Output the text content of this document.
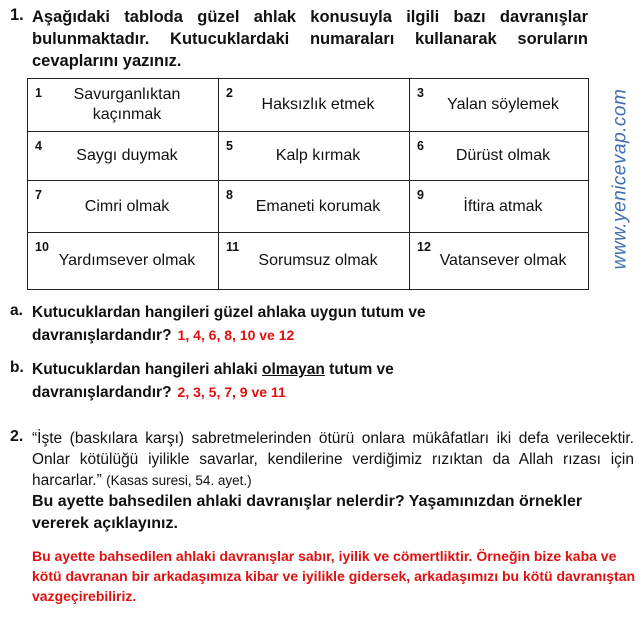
1. Aşağıdaki tabloda güzel ahlak konusuyla ilgili bazı davranışlar bulunmaktadır. Kutucuklardaki numaraları kullanarak soruların cevaplarını yazınız.
1	Savurganlıktan kaçınmak
2
Haksızlık etmek
3
Yalan söylemek
4
Saygı duymak
5
Kalp kırmak
6
Dürüst olmak
7
Cimri olmak
8
Emaneti korumak
9
İftira atmak
10
Yardımsever olmak
11
Sorumsuz olmak
12
Vatansever olmak	www.yenicevap.com
a. Kutucuklardan hangileri güzel ahlaka uygun tutum ve
davranışlardandır? 1, 4, 6, 8, 10 ve 12
b. Kutucuklardan hangileri ahlaki olmayan tutum ve
davranışlardandır? 2, 3, 5, 7, 9 ve 11
2. “İşte (baskılara karşı) sabretmelerinden ötürü onlara mükâfatları iki defa verilecektir. Onlar kötülüğü iyilikle savarlar, kendilerine verdiğimiz rızıktan da Allah rızası için harcarlar.” (Kasas suresi, 54. ayet.)
Bu ayette bahsedilen ahlaki davranışlar nelerdir? Yaşamınızdan örnekler vererek açıklayınız.
Bu ayette bahsedilen ahlaki davranışlar sabır, iyilik ve cömertliktir. Örneğin bize kaba ve kötü davranan bir arkadaşımıza kibar ve iyilikle gidersek, arkadaşımızı bu kötü davranıştan vazgeçirebiliriz.
